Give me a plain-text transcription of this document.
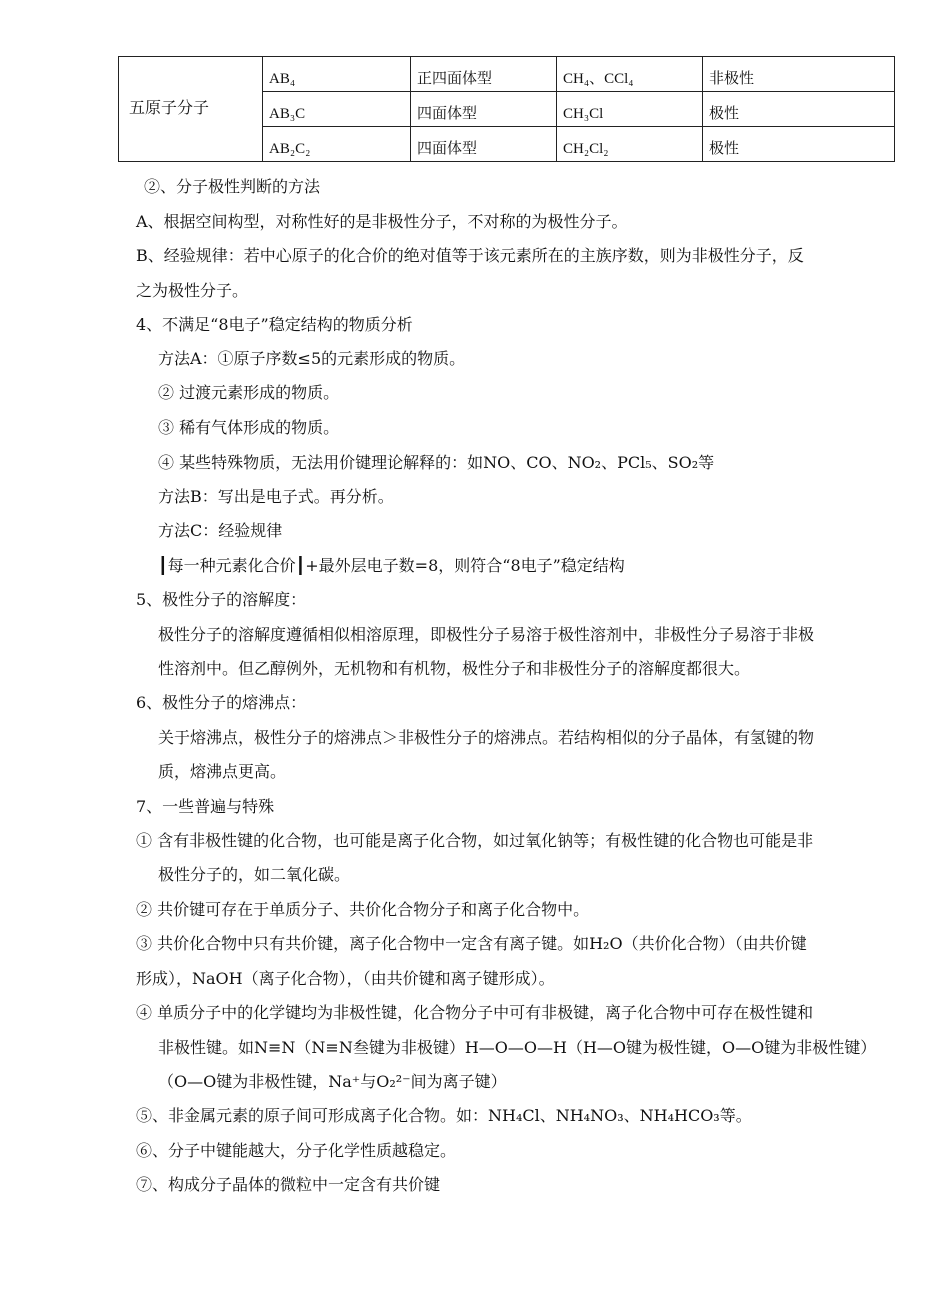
五原子分子	AB₄	正四面体型	CH₄、CCl₄	非极性
	AB₃C	四面体型	CH₃Cl	极性
	AB₂C₂	四面体型	CH₂Cl₂	极性
②、分子极性判断的方法
A、根据空间构型，对称性好的是非极性分子，不对称的为极性分子。
B、经验规律：若中心原子的化合价的绝对值等于该元素所在的主族序数，则为非极性分子，反
之为极性分子。
4、不满足“8电子”稳定结构的物质分析
方法A：①原子序数≤5的元素形成的物质。
② 过渡元素形成的物质。
③ 稀有气体形成的物质。
④ 某些特殊物质，无法用价键理论解释的：如NO、CO、NO₂、PCl₅、SO₂等
方法B：写出是电子式。再分析。
方法C：经验规律
┃每一种元素化合价┃+最外层电子数=8，则符合“8电子”稳定结构
5、极性分子的溶解度：
极性分子的溶解度遵循相似相溶原理，即极性分子易溶于极性溶剂中，非极性分子易溶于非极
性溶剂中。但乙醇例外，无机物和有机物，极性分子和非极性分子的溶解度都很大。
6、极性分子的熔沸点：
关于熔沸点，极性分子的熔沸点＞非极性分子的熔沸点。若结构相似的分子晶体，有氢键的物
质，熔沸点更高。
7、一些普遍与特殊
① 含有非极性键的化合物，也可能是离子化合物，如过氧化钠等；有极性键的化合物也可能是非
极性分子的，如二氧化碳。
② 共价键可存在于单质分子、共价化合物分子和离子化合物中。
③ 共价化合物中只有共价键，离子化合物中一定含有离子键。如H₂O（共价化合物）（由共价键
形成），NaOH（离子化合物），（由共价键和离子键形成）。
④ 单质分子中的化学键均为非极性键，化合物分子中可有非极键，离子化合物中可存在极性键和
非极性键。如N≡N（N≡N叁键为非极键）H—O—O—H（H—O键为极性键，O—O键为非极性键）
（O—O键为非极性键，Na⁺与O₂²⁻间为离子键）
⑤、非金属元素的原子间可形成离子化合物。如：NH₄Cl、NH₄NO₃、NH₄HCO₃等。
⑥、分子中键能越大，分子化学性质越稳定。
⑦、构成分子晶体的微粒中一定含有共价键
